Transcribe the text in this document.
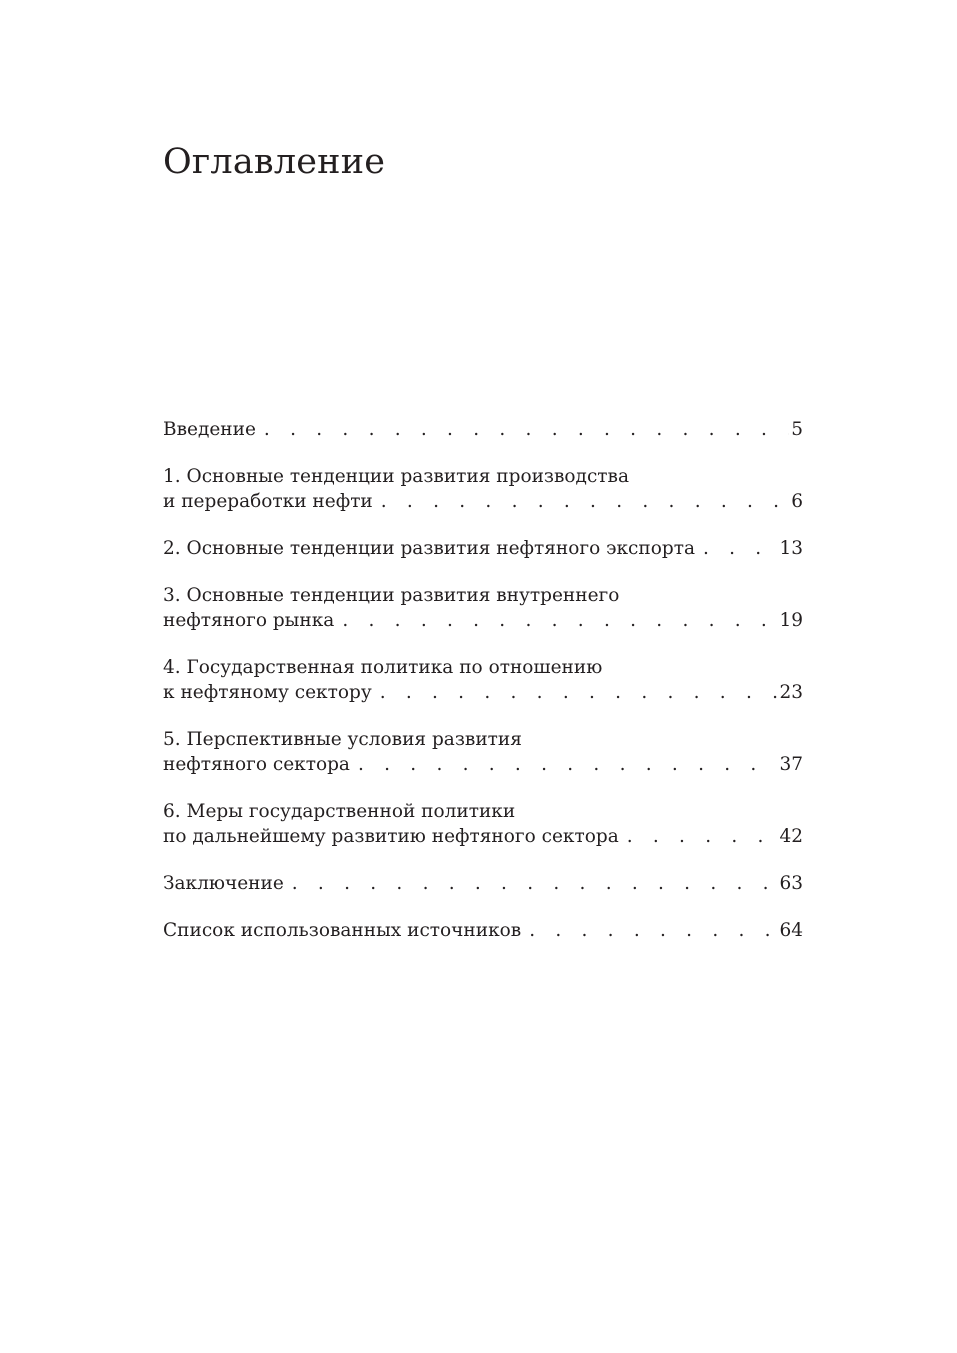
Оглавление
Введение . . .	5
1. Основные тенденции развития производства
и переработки нефти . . .	6
2. Основные тенденции развития нефтяного экспорта . . .	13
3. Основные тенденции развития внутреннего
нефтяного рынка . . .	19
4. Государственная политика по отношению
к нефтяному сектору . . .	23
5. Перспективные условия развития
нефтяного сектора . . .	37
6. Меры государственной политики
по дальнейшему развитию нефтяного сектора . . .	42
Заключение . . .	63
Список использованных источников . . .	64
